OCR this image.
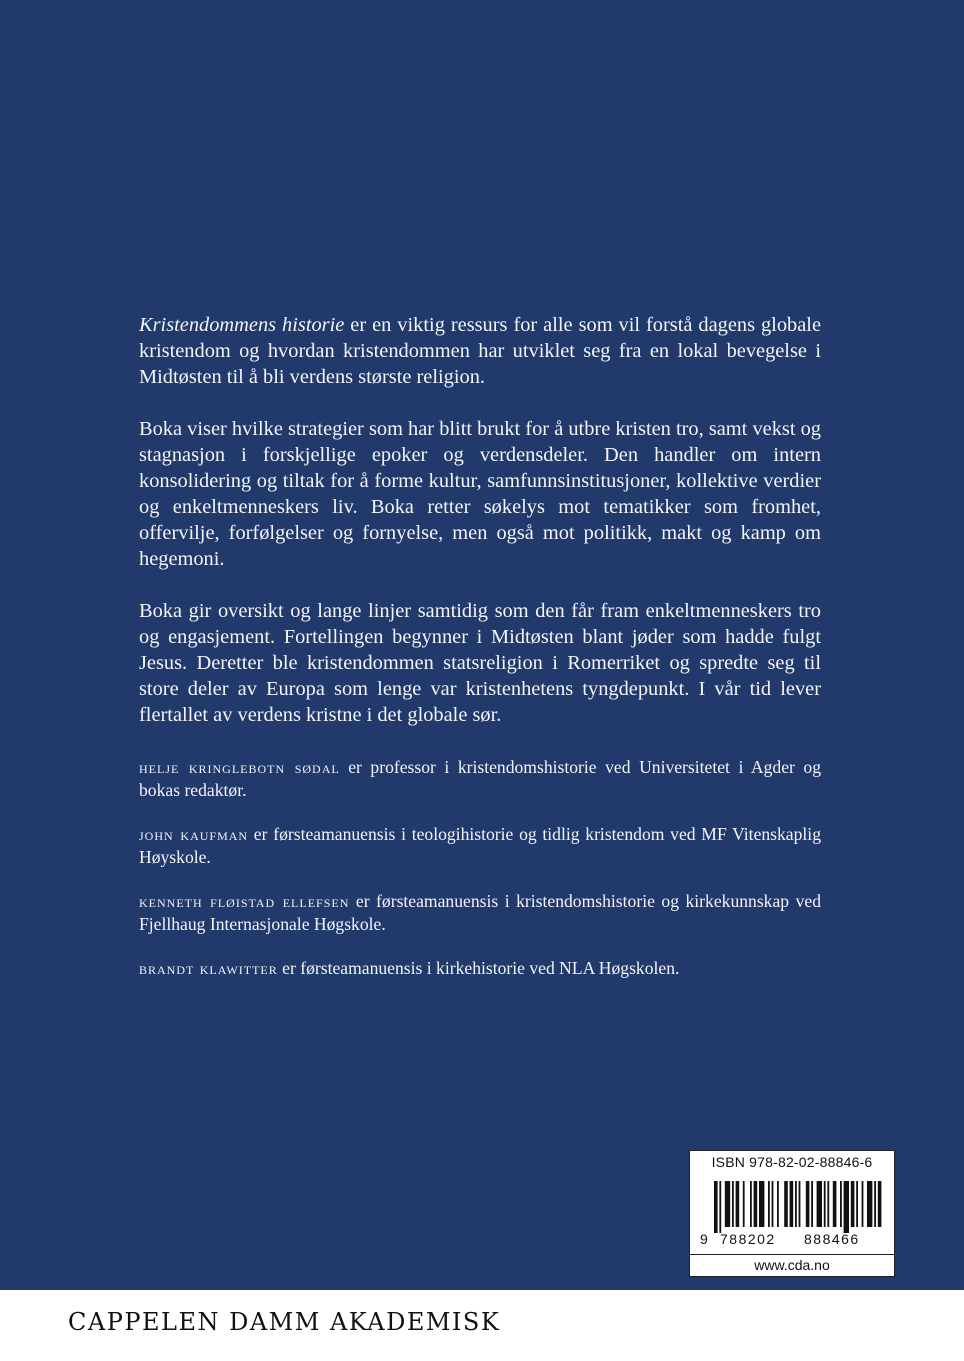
Kristendommens historie er en viktig ressurs for alle som vil forstå dagens globale kristendom og hvordan kristendommen har utviklet seg fra en lokal bevegelse i Midtøsten til å bli verdens største religion.

Boka viser hvilke strategier som har blitt brukt for å utbre kristen tro, samt vekst og stagnasjon i forskjellige epoker og verdensdeler. Den handler om intern konsolidering og tiltak for å forme kultur, samfunnsinstitusjoner, kollektive verdier og enkeltmenneskers liv. Boka retter søkelys mot tematikker som fromhet, offervilje, forfølgelser og fornyelse, men også mot politikk, makt og kamp om hegemoni.

Boka gir oversikt og lange linjer samtidig som den får fram enkeltmenneskers tro og engasjement. Fortellingen begynner i Midtøsten blant jøder som hadde fulgt Jesus. Deretter ble kristendommen statsreligion i Romerriket og spredte seg til store deler av Europa som lenge var kristenhetens tyngdepunkt. I vår tid lever flertallet av verdens kristne i det globale sør.

helje kringlebotn sødal er professor i kristendomshistorie ved Universitetet i Agder og bokas redaktør.

john kaufman er førsteamanuensis i teologihistorie og tidlig kristendom ved MF Vitenskaplig Høyskole.

kenneth fløistad ellefsen er førsteamanuensis i kristendomshistorie og kirkekunnskap ved Fjellhaug Internasjonale Høgskole.

brandt klawitter er førsteamanuensis i kirkehistorie ved NLA Høgskolen.

ISBN 978-82-02-88846-6
9 788202 888466
www.cda.no
CAPPELEN DAMM AKADEMISK
